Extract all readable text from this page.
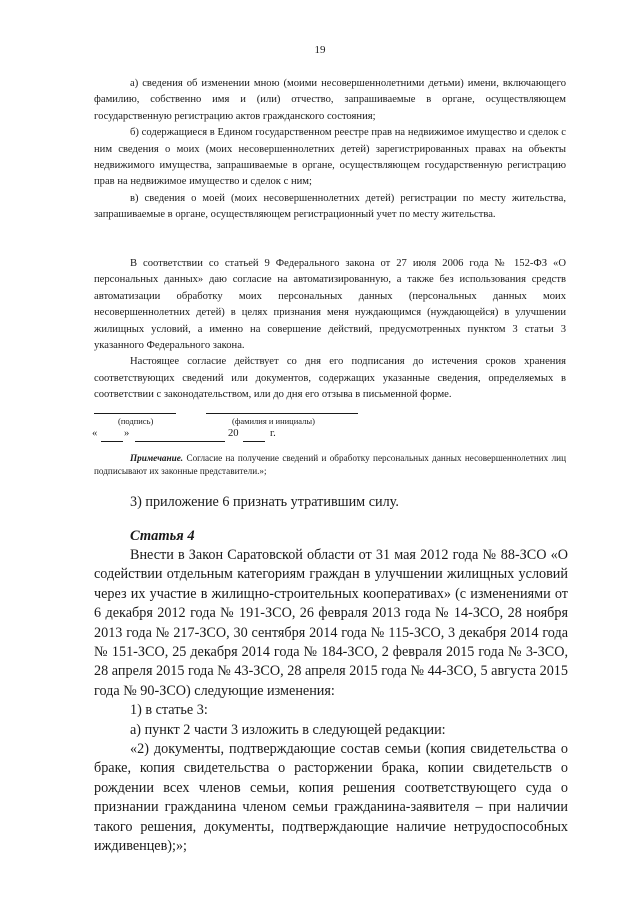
19

а) сведения об изменении мною (моими несовершеннолетними детьми) имени, включающего фамилию, собственно имя и (или) отчество, запрашиваемые в органе, осуществляющем государственную регистрацию актов гражданского состояния;

б) содержащиеся в Едином государственном реестре прав на недвижимое имущество и сделок с ним сведения о моих (моих несовершеннолетних детей) зарегистрированных правах на объекты недвижимого имущества, запрашиваемые в органе, осуществляющем государственную регистрацию прав на недвижимое имущество и сделок с ним;

в) сведения о моей (моих несовершеннолетних детей) регистрации по месту жительства, запрашиваемые в органе, осуществляющем регистрационный учет по месту жительства.

В соответствии со статьей 9 Федерального закона от 27 июля 2006 года № 152-ФЗ «О персональных данных» даю согласие на автоматизированную, а также без использования средств автоматизации обработку моих персональных данных (персональных данных моих несовершеннолетних детей) в целях признания меня нуждающимся (нуждающейся) в улучшении жилищных условий, а именно на совершение действий, предусмотренных пунктом 3 статьи 3 указанного Федерального закона.

Настоящее согласие действует со дня его подписания до истечения сроков хранения соответствующих сведений или документов, содержащих указанные сведения, определяемых в соответствии с законодательством, или до дня его отзыва в письменной форме.

(подпись)	(фамилия и инициалы)
«	»	20	г.

Примечание. Согласие на получение сведений и обработку персональных данных несовершеннолетних лиц подписывают их законные представители.»;

3) приложение 6 признать утратившим силу.
Статья 4

Внести в Закон Саратовской области от 31 мая 2012 года № 88-ЗСО «О содействии отдельным категориям граждан в улучшении жилищных условий через их участие в жилищно-строительных кооперативах» (с изменениями от 6 декабря 2012 года № 191-ЗСО, 26 февраля 2013 года № 14-ЗСО, 28 ноября 2013 года № 217-ЗСО, 30 сентября 2014 года № 115-ЗСО, 3 декабря 2014 года № 151-ЗСО, 25 декабря 2014 года № 184-ЗСО, 2 февраля 2015 года № 3-ЗСО, 28 апреля 2015 года № 43-ЗСО, 28 апреля 2015 года № 44-ЗСО, 5 августа 2015 года № 90-ЗСО) следующие изменения:

1) в статье 3:

а) пункт 2 части 3 изложить в следующей редакции:

«2) документы, подтверждающие состав семьи (копия свидетельства о браке, копия свидетельства о расторжении брака, копии свидетельств о рождении всех членов семьи, копия решения соответствующего суда о признании гражданина членом семьи гражданина-заявителя – при наличии такого решения, документы, подтверждающие наличие нетрудоспособных иждивенцев);»;
